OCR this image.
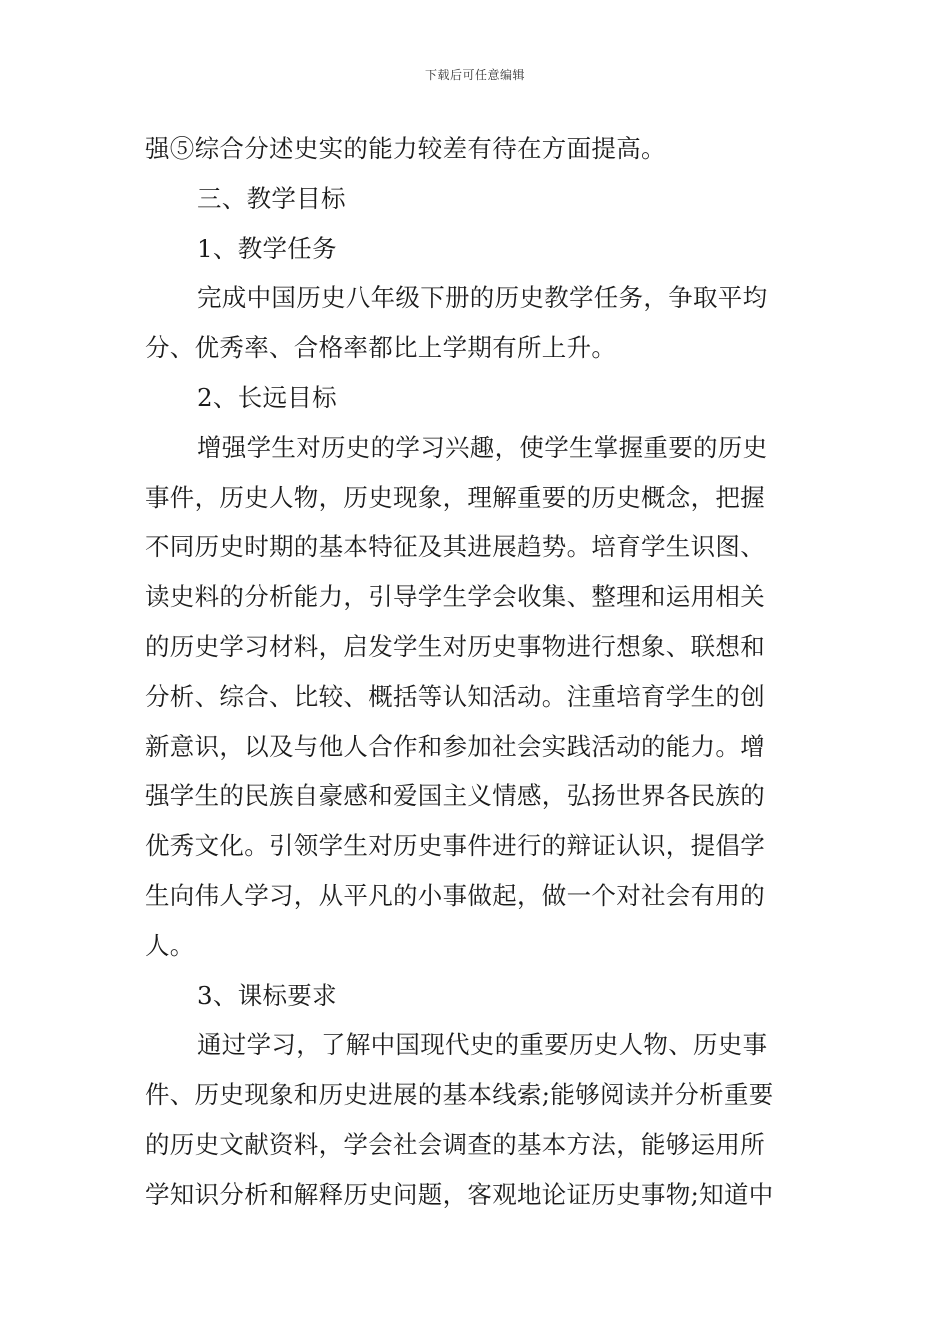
下载后可任意编辑
强⑤综合分述史实的能力较差有待在方面提高。
三、教学目标
1、教学任务
完成中国历史八年级下册的历史教学任务，争取平均
分、优秀率、合格率都比上学期有所上升。
2、长远目标
增强学生对历史的学习兴趣，使学生掌握重要的历史
事件，历史人物，历史现象，理解重要的历史概念，把握
不同历史时期的基本特征及其进展趋势。培育学生识图、
读史料的分析能力，引导学生学会收集、整理和运用相关
的历史学习材料，启发学生对历史事物进行想象、联想和
分析、综合、比较、概括等认知活动。注重培育学生的创
新意识，以及与他人合作和参加社会实践活动的能力。增
强学生的民族自豪感和爱国主义情感，弘扬世界各民族的
优秀文化。引领学生对历史事件进行的辩证认识，提倡学
生向伟人学习，从平凡的小事做起，做一个对社会有用的
人。
3、课标要求
通过学习，了解中国现代史的重要历史人物、历史事
件、历史现象和历史进展的基本线索;能够阅读并分析重要
的历史文献资料，学会社会调查的基本方法，能够运用所
学知识分析和解释历史问题，客观地论证历史事物;知道中
